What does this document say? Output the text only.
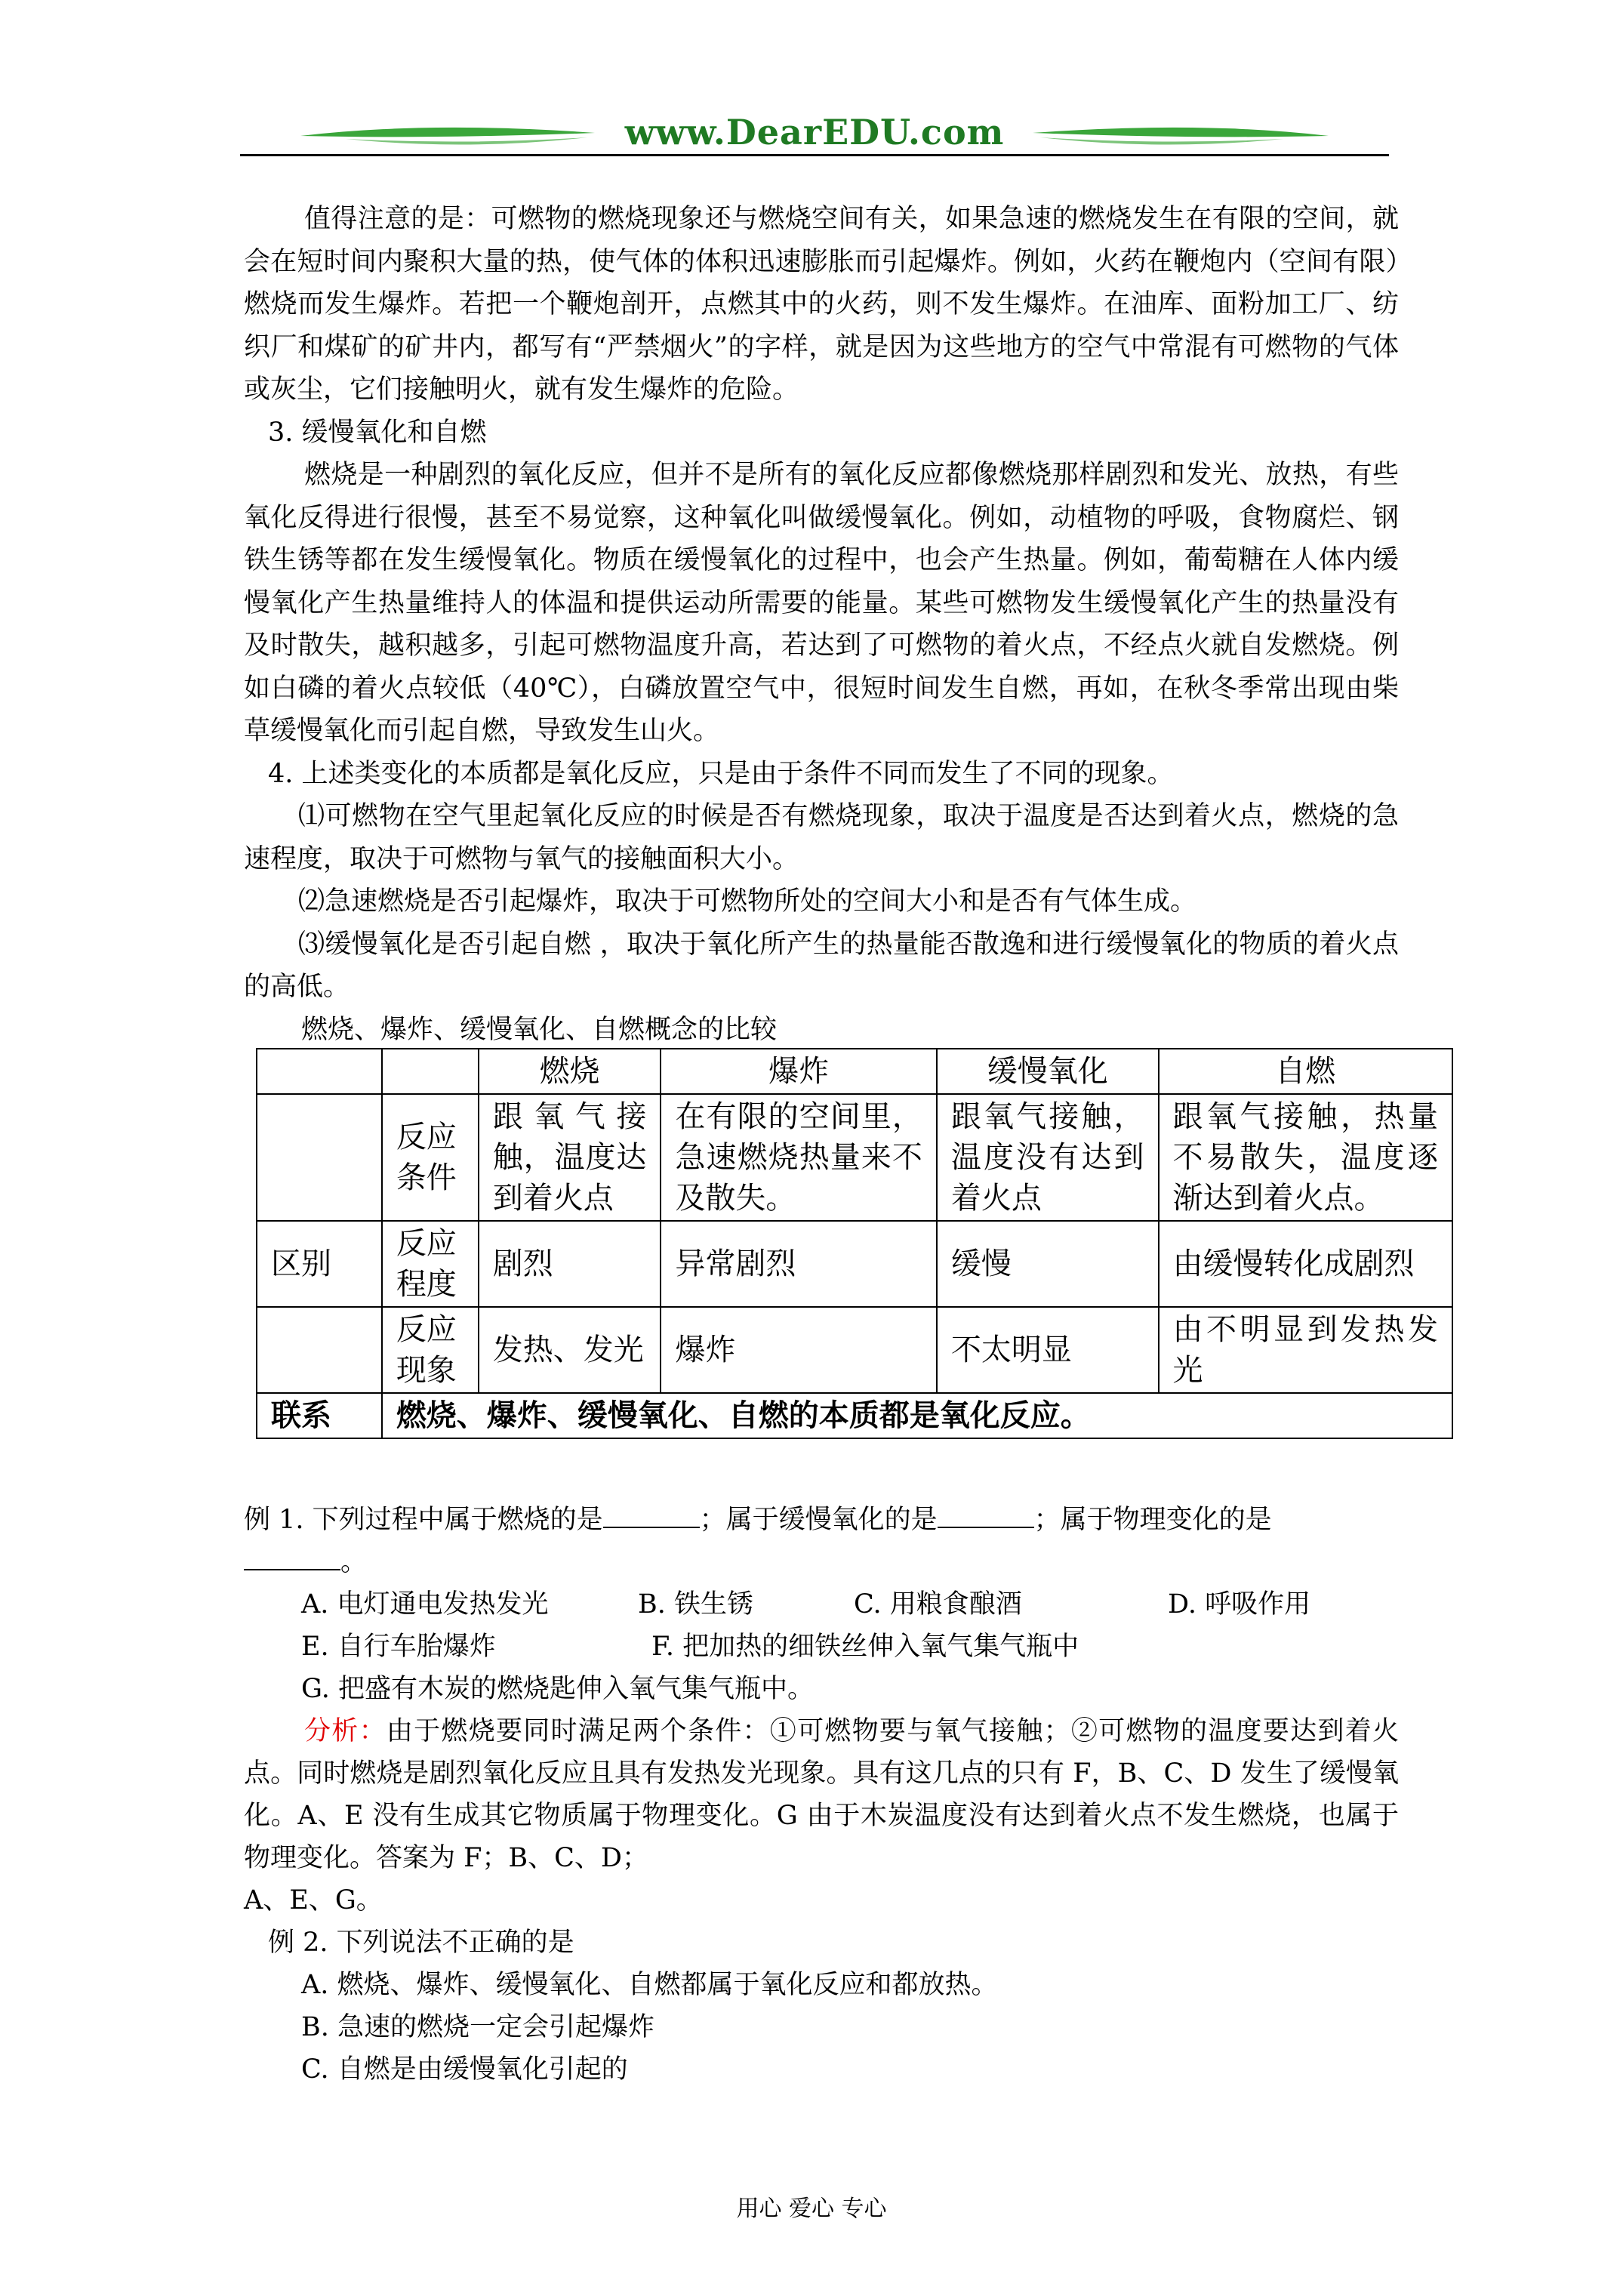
www.DearEDU.com

值得注意的是：可燃物的燃烧现象还与燃烧空间有关，如果急速的燃烧发生在有限的空间，就会在短时间内聚积大量的热，使气体的体积迅速膨胀而引起爆炸。例如，火药在鞭炮内（空间有限）燃烧而发生爆炸。若把一个鞭炮剖开，点燃其中的火药，则不发生爆炸。在油库、面粉加工厂、纺织厂和煤矿的矿井内，都写有“严禁烟火”的字样，就是因为这些地方的空气中常混有可燃物的气体或灰尘，它们接触明火，就有发生爆炸的危险。

3. 缓慢氧化和自燃

燃烧是一种剧烈的氧化反应，但并不是所有的氧化反应都像燃烧那样剧烈和发光、放热，有些氧化反得进行很慢，甚至不易觉察，这种氧化叫做缓慢氧化。例如，动植物的呼吸，食物腐烂、钢铁生锈等都在发生缓慢氧化。物质在缓慢氧化的过程中，也会产生热量。例如，葡萄糖在人体内缓慢氧化产生热量维持人的体温和提供运动所需要的能量。某些可燃物发生缓慢氧化产生的热量没有及时散失，越积越多，引起可燃物温度升高，若达到了可燃物的着火点，不经点火就自发燃烧。例如白磷的着火点较低（40℃），白磷放置空气中，很短时间发生自燃，再如，在秋冬季常出现由柴草缓慢氧化而引起自燃，导致发生山火。

4. 上述类变化的本质都是氧化反应，只是由于条件不同而发生了不同的现象。

⑴可燃物在空气里起氧化反应的时候是否有燃烧现象，取决于温度是否达到着火点，燃烧的急速程度，取决于可燃物与氧气的接触面积大小。

⑵急速燃烧是否引起爆炸，取决于可燃物所处的空间大小和是否有气体生成。

⑶缓慢氧化是否引起自燃 ，取决于氧化所产生的热量能否散逸和进行缓慢氧化的物质的着火点的高低。

燃烧、爆炸、缓慢氧化、自燃概念的比较

		燃烧	爆炸	缓慢氧化	自燃
	反应条件	跟氧气接触，温度达到着火点	在有限的空间里，急速燃烧热量来不及散失。	跟氧气接触，温度没有达到着火点	跟氧气接触，热量不易散失，温度逐渐达到着火点。
区别	反应程度	剧烈	异常剧烈	缓慢	由缓慢转化成剧烈
	反应现象	发热、发光	爆炸	不太明显	由不明显到发热发光
联系	燃烧、爆炸、缓慢氧化、自燃的本质都是氧化反应。				

例 1. 下列过程中属于燃烧的是	；属于缓慢氧化的是	；属于物理变化的是
。

A. 电灯通电发热发光	B. 铁生锈	C. 用粮食酿酒	D. 呼吸作用

E. 自行车胎爆炸	F. 把加热的细铁丝伸入氧气集气瓶中

G. 把盛有木炭的燃烧匙伸入氧气集气瓶中。

分析：由于燃烧要同时满足两个条件：①可燃物要与氧气接触；②可燃物的温度要达到着火点。同时燃烧是剧烈氧化反应且具有发热发光现象。具有这几点的只有 F，B、C、D 发生了缓慢氧化。A、E 没有生成其它物质属于物理变化。G 由于木炭温度没有达到着火点不发生燃烧，也属于物理变化。答案为 F；B、C、D；

A、E、G。

例 2. 下列说法不正确的是

A. 燃烧、爆炸、缓慢氧化、自燃都属于氧化反应和都放热。

B. 急速的燃烧一定会引起爆炸

C. 自燃是由缓慢氧化引起的

用心 爱心 专心
